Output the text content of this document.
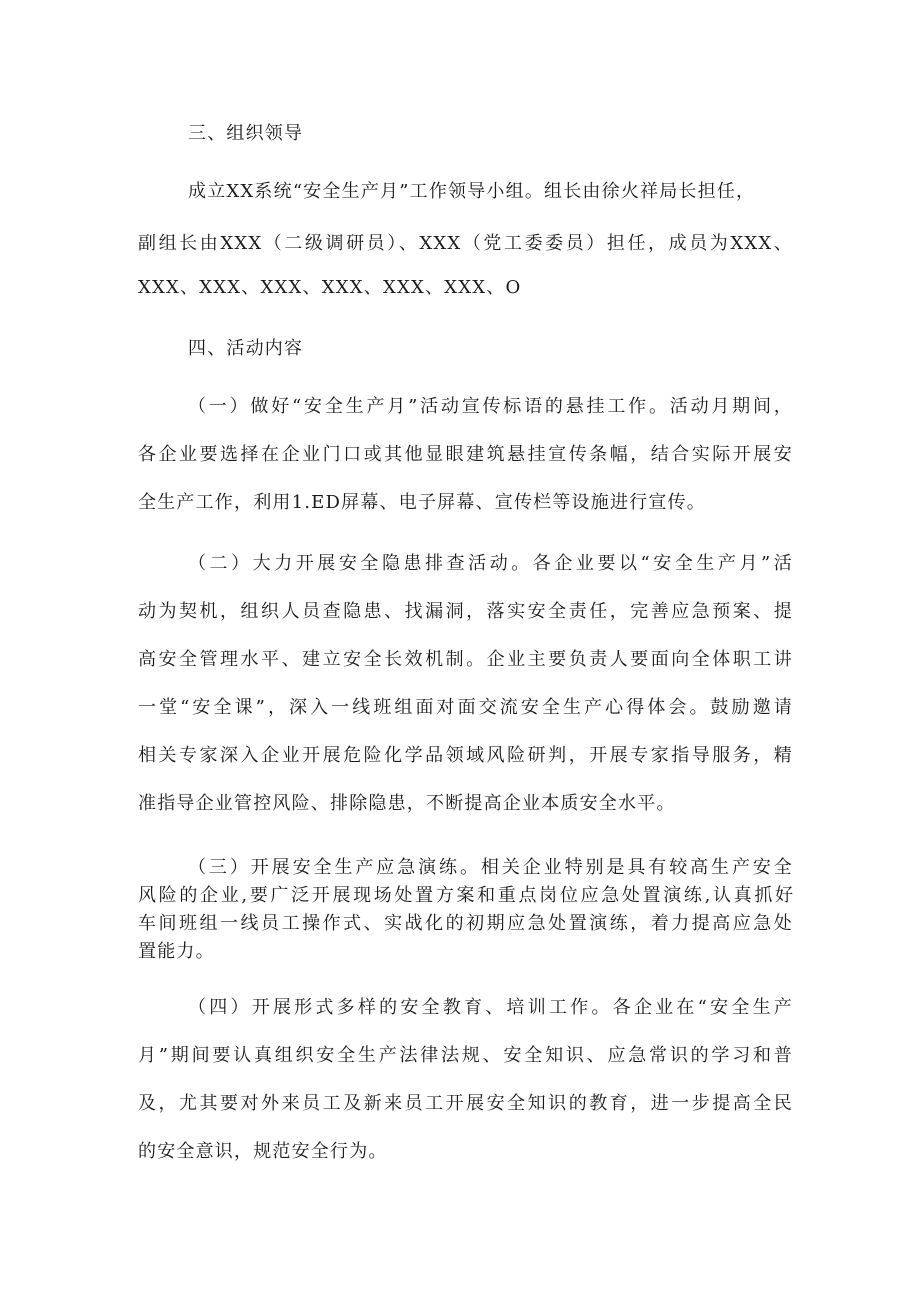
三、组织领导
成立XX系统“安全生产月”工作领导小组。组长由徐火祥局长担任，
副组长由XXX（二级调研员）、XXX（党工委委员）担任，成员为XXX、
XXX、XXX、XXX、XXX、XXX、XXX、O
四、活动内容
（一）做好“安全生产月”活动宣传标语的悬挂工作。活动月期间，
各企业要选择在企业门口或其他显眼建筑悬挂宣传条幅，结合实际开展安
全生产工作，利用1.ED屏幕、电子屏幕、宣传栏等设施进行宣传。
（二）大力开展安全隐患排查活动。各企业要以“安全生产月”活
动为契机，组织人员查隐患、找漏洞，落实安全责任，完善应急预案、提
高安全管理水平、建立安全长效机制。企业主要负责人要面向全体职工讲
一堂“安全课”，深入一线班组面对面交流安全生产心得体会。鼓励邀请
相关专家深入企业开展危险化学品领域风险研判，开展专家指导服务，精
准指导企业管控风险、排除隐患，不断提高企业本质安全水平。
（三）开展安全生产应急演练。相关企业特别是具有较高生产安全
风险的企业,要广泛开展现场处置方案和重点岗位应急处置演练,认真抓好
车间班组一线员工操作式、实战化的初期应急处置演练，着力提高应急处
置能力。
（四）开展形式多样的安全教育、培训工作。各企业在“安全生产
月”期间要认真组织安全生产法律法规、安全知识、应急常识的学习和普
及，尤其要对外来员工及新来员工开展安全知识的教育，进一步提高全民
的安全意识，规范安全行为。
